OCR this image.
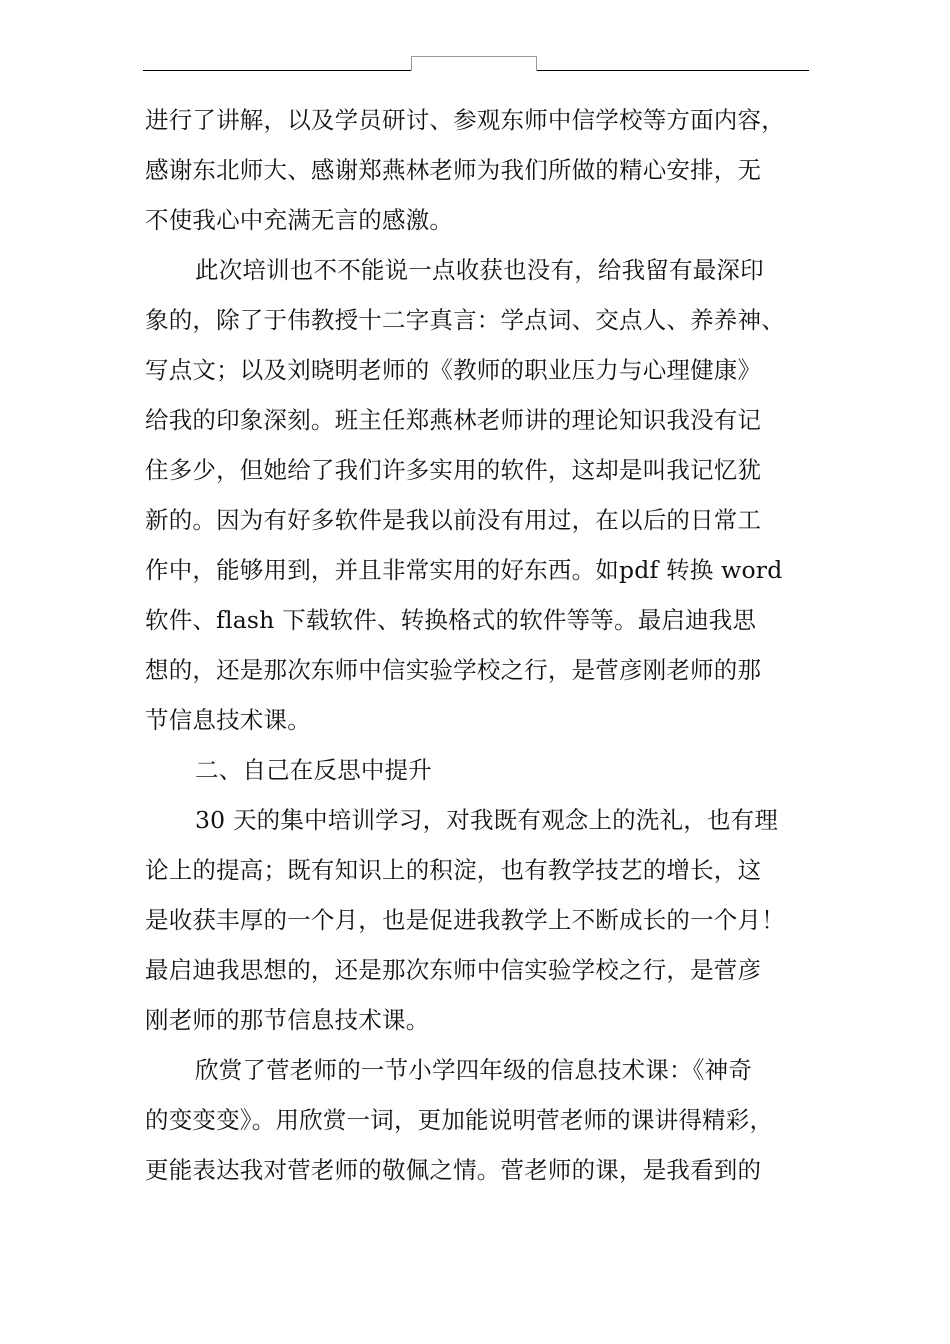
进行了讲解，以及学员研讨、参观东师中信学校等方面内容，
感谢东北师大、感谢郑燕林老师为我们所做的精心安排，无
不使我心中充满无言的感激。
此次培训也不不能说一点收获也没有，给我留有最深印
象的，除了于伟教授十二字真言：学点词、交点人、养养神、
写点文；以及刘晓明老师的《教师的职业压力与心理健康》
给我的印象深刻。班主任郑燕林老师讲的理论知识我没有记
住多少，但她给了我们许多实用的软件，这却是叫我记忆犹
新的。因为有好多软件是我以前没有用过，在以后的日常工
作中，能够用到，并且非常实用的好东西。如pdf 转换 word
软件、flash 下载软件、转换格式的软件等等。最启迪我思
想的，还是那次东师中信实验学校之行，是菅彦刚老师的那
节信息技术课。
二、自己在反思中提升
30 天的集中培训学习，对我既有观念上的洗礼，也有理
论上的提高；既有知识上的积淀，也有教学技艺的增长，这
是收获丰厚的一个月，也是促进我教学上不断成长的一个月！
最启迪我思想的，还是那次东师中信实验学校之行，是菅彦
刚老师的那节信息技术课。
欣赏了菅老师的一节小学四年级的信息技术课：《神奇
的变变变》。用欣赏一词，更加能说明菅老师的课讲得精彩，
更能表达我对菅老师的敬佩之情。菅老师的课，是我看到的
